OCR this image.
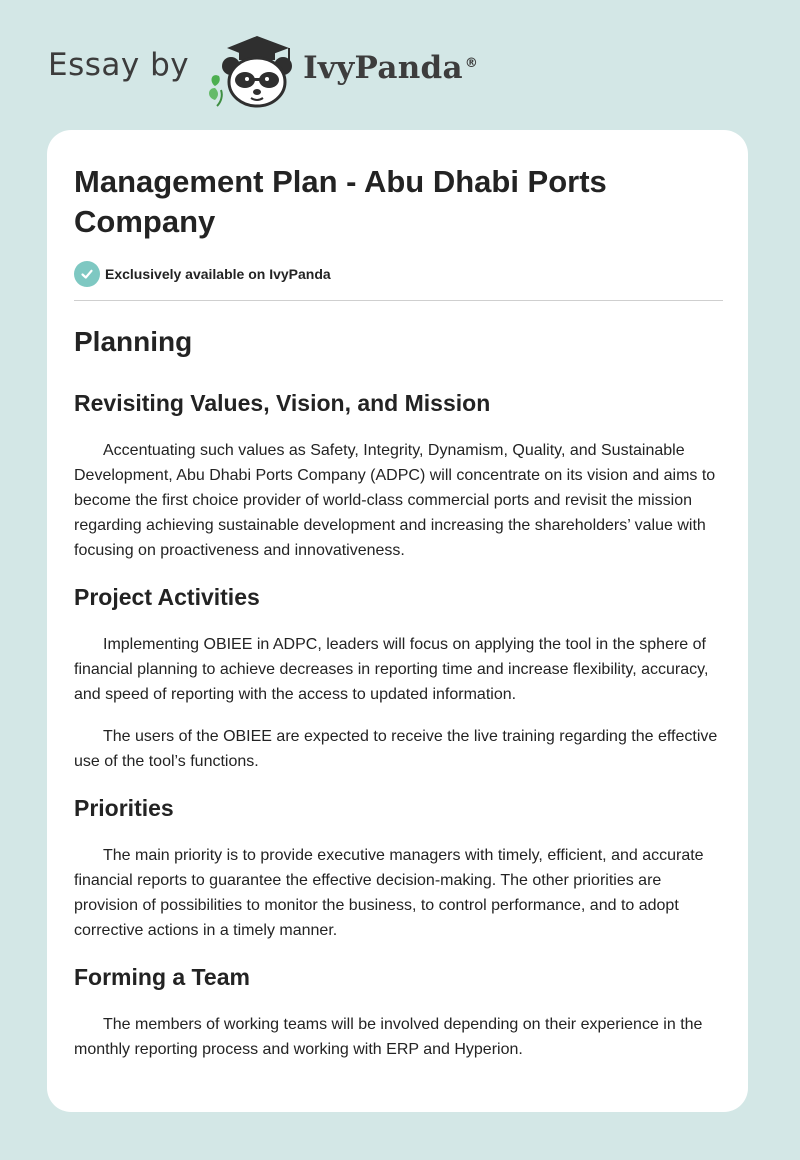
Essay by	IvyPanda ®
Management Plan - Abu Dhabi Ports Company
Exclusively available on IvyPanda
Planning
Revisiting Values, Vision, and Mission

Accentuating such values as Safety, Integrity, Dynamism, Quality, and Sustainable Development, Abu Dhabi Ports Company (ADPC) will concentrate on its vision and aims to become the first choice provider of world-class commercial ports and revisit the mission regarding achieving sustainable development and increasing the shareholders’ value with focusing on proactiveness and innovativeness.

Project Activities

Implementing OBIEE in ADPC, leaders will focus on applying the tool in the sphere of financial planning to achieve decreases in reporting time and increase flexibility, accuracy, and speed of reporting with the access to updated information.

The users of the OBIEE are expected to receive the live training regarding the effective use of the tool’s functions.

Priorities

The main priority is to provide executive managers with timely, efficient, and accurate financial reports to guarantee the effective decision-making. The other priorities are provision of possibilities to monitor the business, to control performance, and to adopt corrective actions in a timely manner.

Forming a Team

The members of working teams will be involved depending on their experience in the monthly reporting process and working with ERP and Hyperion.
